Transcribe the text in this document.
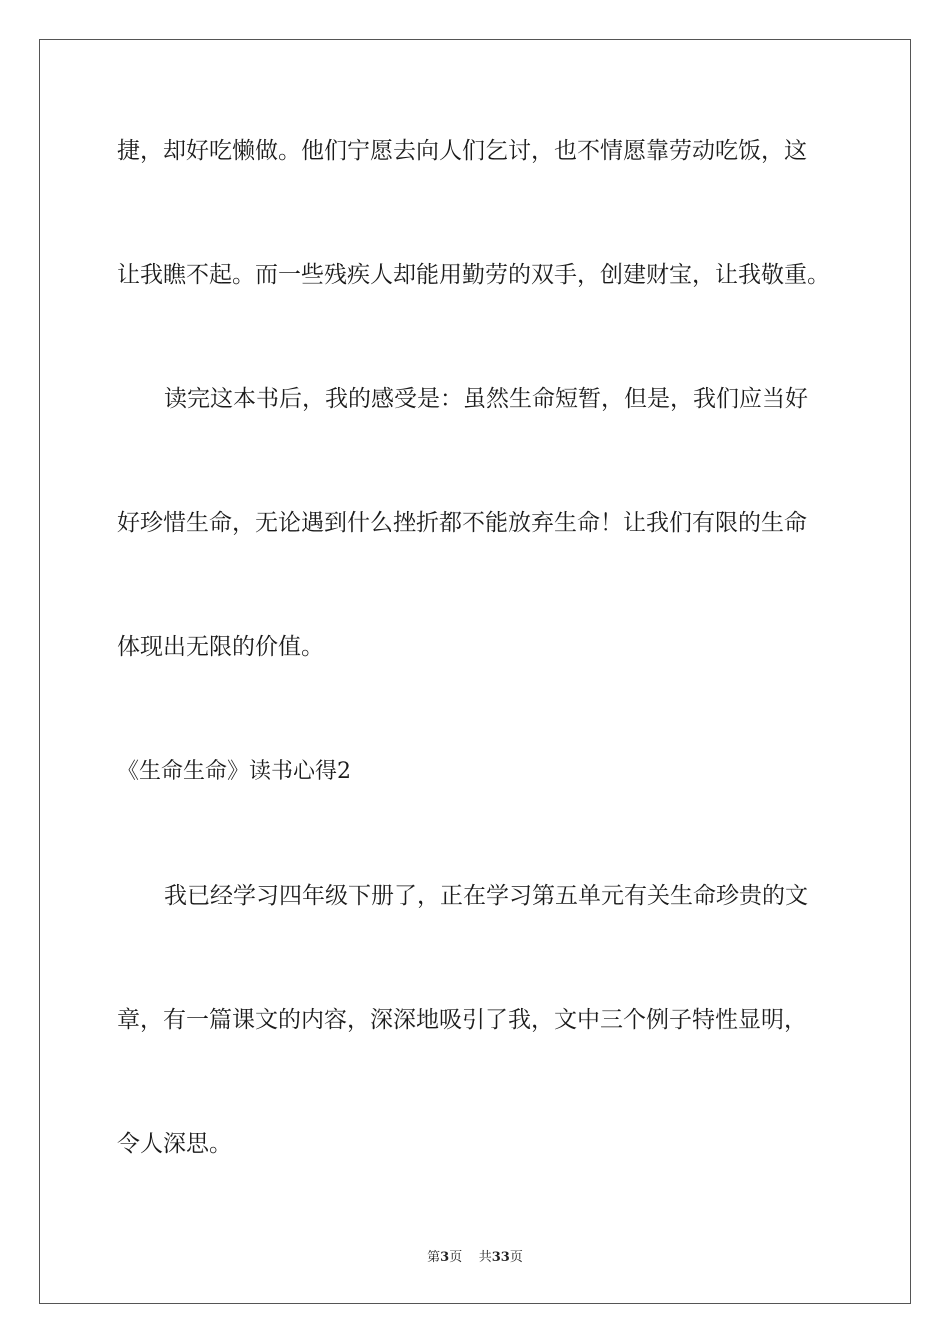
捷，却好吃懒做。他们宁愿去向人们乞讨，也不情愿靠劳动吃饭，这
让我瞧不起。而一些残疾人却能用勤劳的双手，创建财宝，让我敬重。
读完这本书后，我的感受是：虽然生命短暂，但是，我们应当好
好珍惜生命，无论遇到什么挫折都不能放弃生命！让我们有限的生命
体现出无限的价值。
《生命生命》读书心得2
我已经学习四年级下册了，正在学习第五单元有关生命珍贵的文
章，有一篇课文的内容，深深地吸引了我，文中三个例子特性显明，
令人深思。
第3页 共33页
